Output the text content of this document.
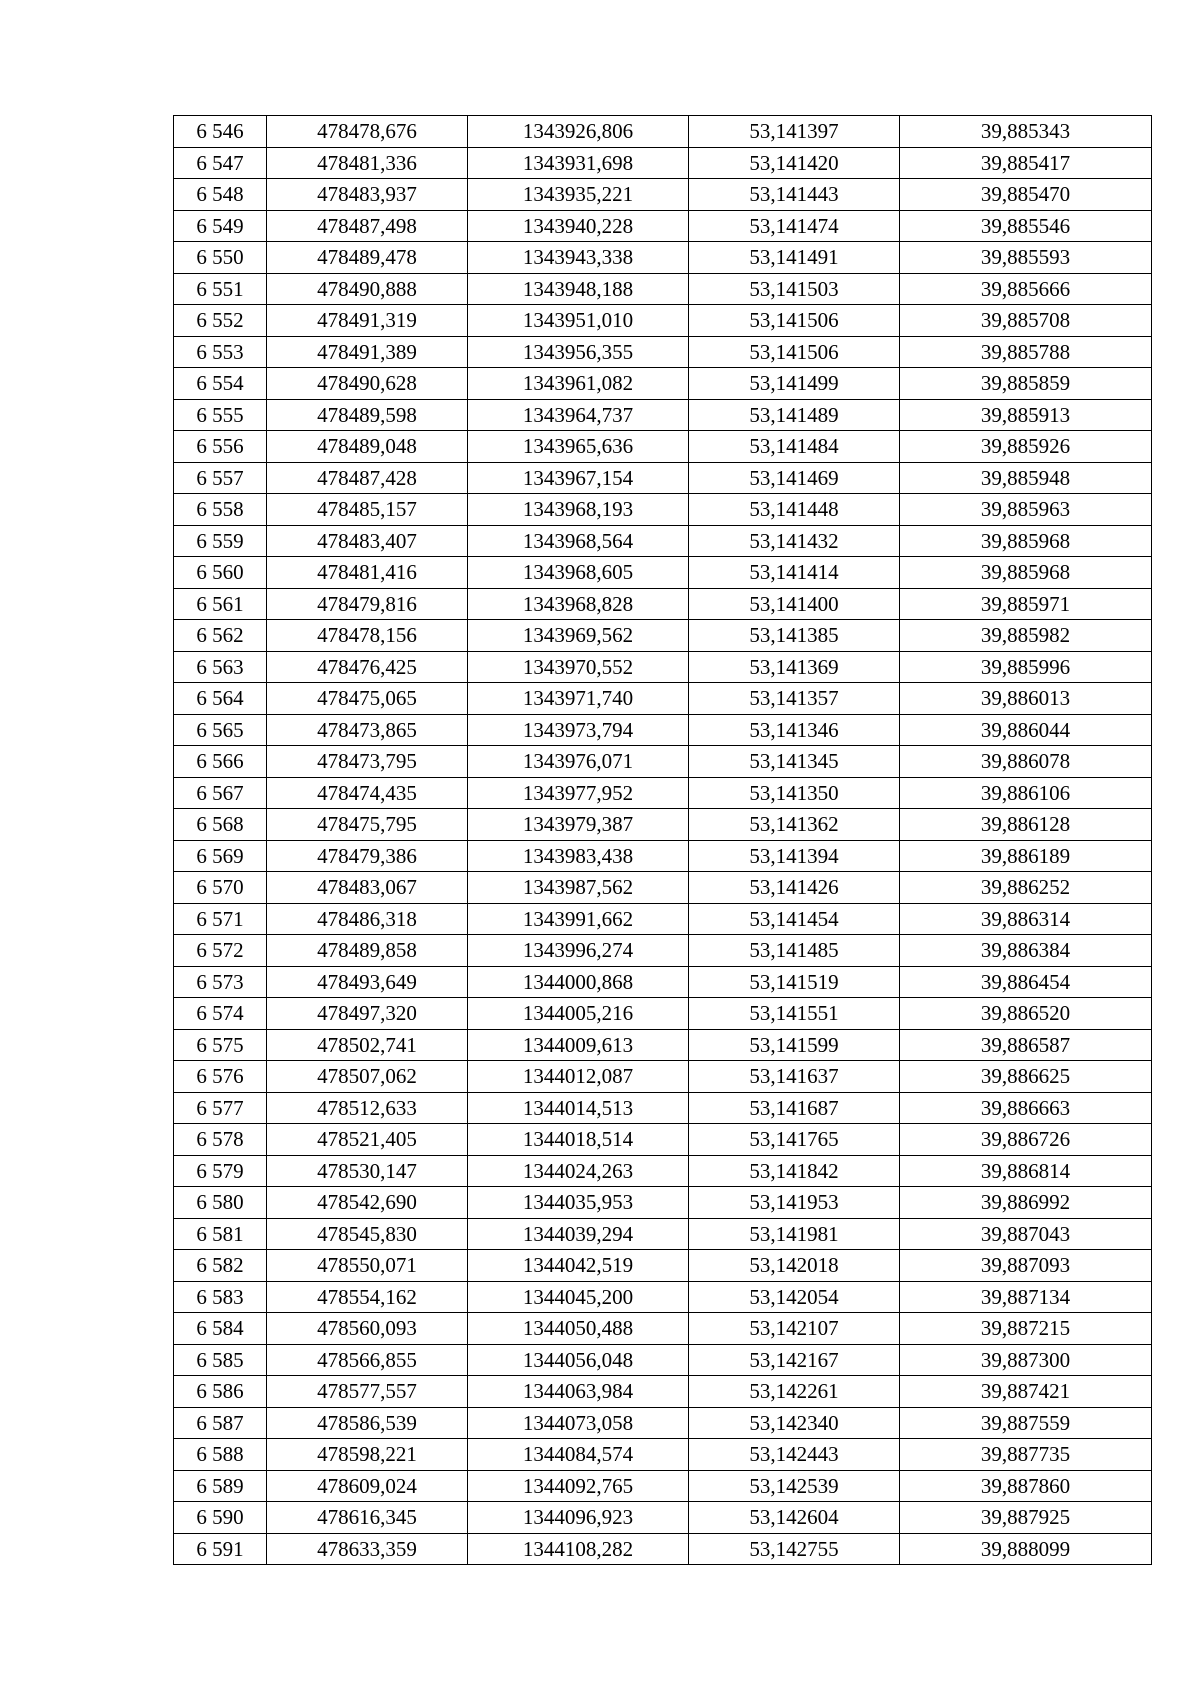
6 546	478478,676	1343926,806	53,141397	39,885343
6 547	478481,336	1343931,698	53,141420	39,885417
6 548	478483,937	1343935,221	53,141443	39,885470
6 549	478487,498	1343940,228	53,141474	39,885546
6 550	478489,478	1343943,338	53,141491	39,885593
6 551	478490,888	1343948,188	53,141503	39,885666
6 552	478491,319	1343951,010	53,141506	39,885708
6 553	478491,389	1343956,355	53,141506	39,885788
6 554	478490,628	1343961,082	53,141499	39,885859
6 555	478489,598	1343964,737	53,141489	39,885913
6 556	478489,048	1343965,636	53,141484	39,885926
6 557	478487,428	1343967,154	53,141469	39,885948
6 558	478485,157	1343968,193	53,141448	39,885963
6 559	478483,407	1343968,564	53,141432	39,885968
6 560	478481,416	1343968,605	53,141414	39,885968
6 561	478479,816	1343968,828	53,141400	39,885971
6 562	478478,156	1343969,562	53,141385	39,885982
6 563	478476,425	1343970,552	53,141369	39,885996
6 564	478475,065	1343971,740	53,141357	39,886013
6 565	478473,865	1343973,794	53,141346	39,886044
6 566	478473,795	1343976,071	53,141345	39,886078
6 567	478474,435	1343977,952	53,141350	39,886106
6 568	478475,795	1343979,387	53,141362	39,886128
6 569	478479,386	1343983,438	53,141394	39,886189
6 570	478483,067	1343987,562	53,141426	39,886252
6 571	478486,318	1343991,662	53,141454	39,886314
6 572	478489,858	1343996,274	53,141485	39,886384
6 573	478493,649	1344000,868	53,141519	39,886454
6 574	478497,320	1344005,216	53,141551	39,886520
6 575	478502,741	1344009,613	53,141599	39,886587
6 576	478507,062	1344012,087	53,141637	39,886625
6 577	478512,633	1344014,513	53,141687	39,886663
6 578	478521,405	1344018,514	53,141765	39,886726
6 579	478530,147	1344024,263	53,141842	39,886814
6 580	478542,690	1344035,953	53,141953	39,886992
6 581	478545,830	1344039,294	53,141981	39,887043
6 582	478550,071	1344042,519	53,142018	39,887093
6 583	478554,162	1344045,200	53,142054	39,887134
6 584	478560,093	1344050,488	53,142107	39,887215
6 585	478566,855	1344056,048	53,142167	39,887300
6 586	478577,557	1344063,984	53,142261	39,887421
6 587	478586,539	1344073,058	53,142340	39,887559
6 588	478598,221	1344084,574	53,142443	39,887735
6 589	478609,024	1344092,765	53,142539	39,887860
6 590	478616,345	1344096,923	53,142604	39,887925
6 591	478633,359	1344108,282	53,142755	39,888099
